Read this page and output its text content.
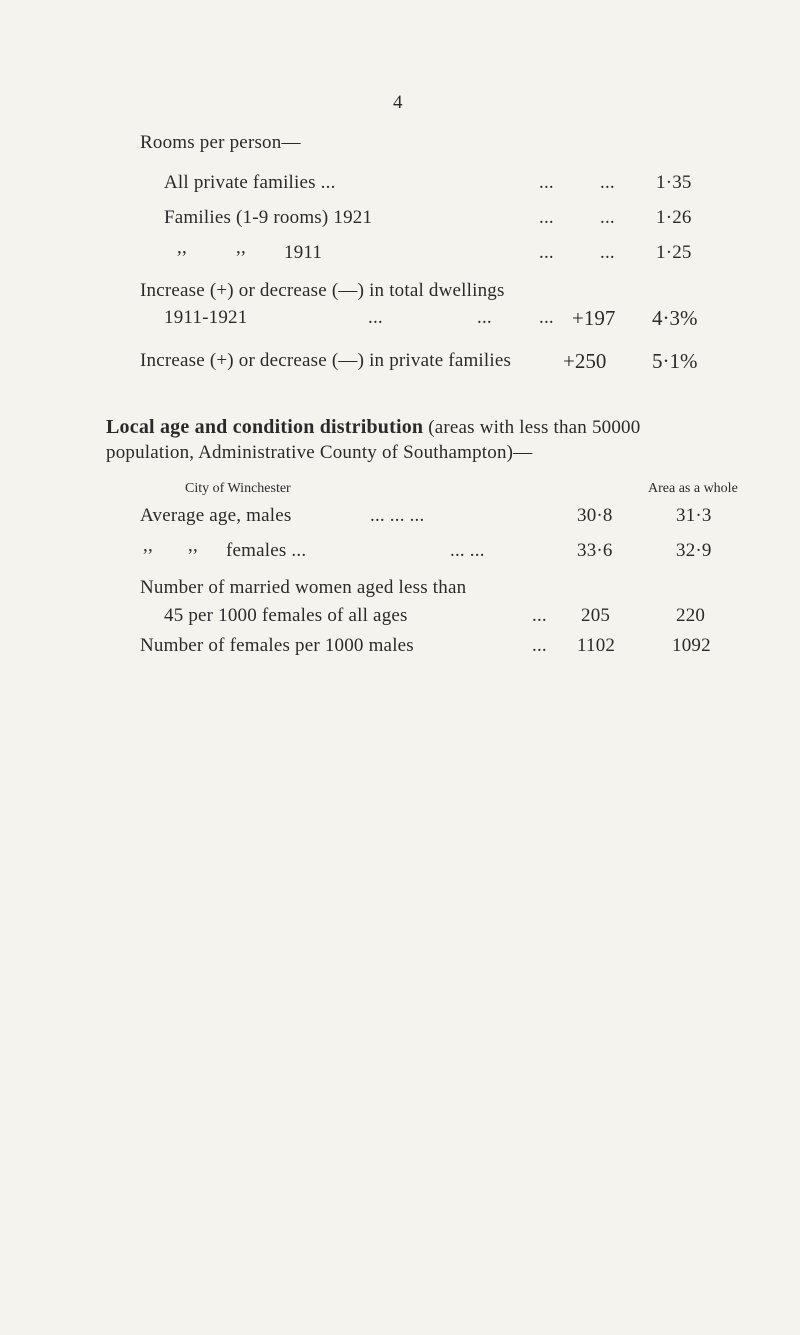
4
Rooms per person—
All private families ...	... ... 1·35
Families (1-9 rooms) 1921	... ... 1·26
,,	,, 1911	... ... 1·25
Increase (+) or decrease (—) in total dwellings
1911-1921	...	... ... +197 4·3%
Increase (+) or decrease (—) in private families +250 5·1%
Local age and condition distribution (areas with less than 50000
population, Administrative County of Southampton)—
City of Winchester	Area as a whole
Average age, males	... ... ...	30·8	31·3
,, ,, females ...	... ...	33·6	32·9
Number of married women aged less than
45 per 1000 females of all ages	... 205	220
Number of females per 1000 males	... 1102	1092
